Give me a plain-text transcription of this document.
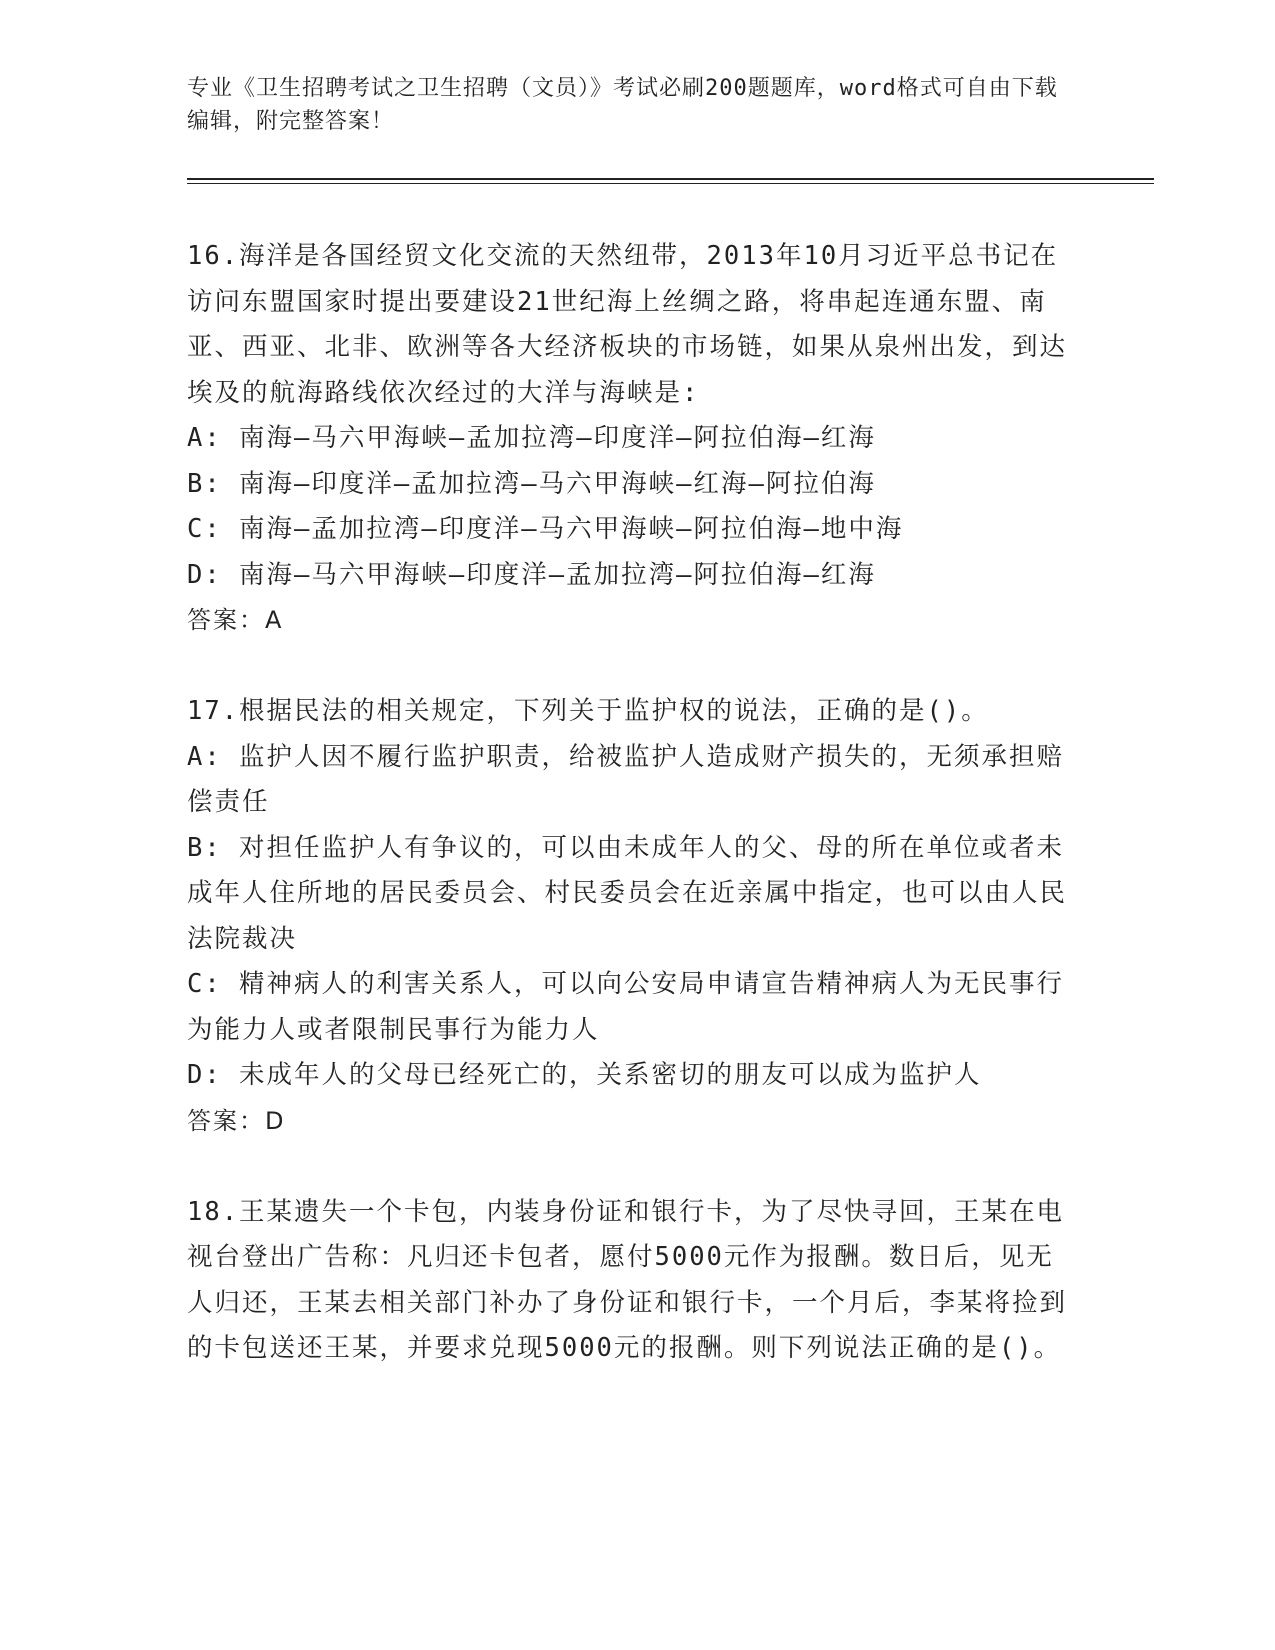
专业《卫生招聘考试之卫生招聘（文员）》考试必刷200题题库，word格式可自由下载编辑，附完整答案！

16.海洋是各国经贸文化交流的天然纽带，2013年10月习近平总书记在访问东盟国家时提出要建设21世纪海上丝绸之路，将串起连通东盟、南亚、西亚、北非、欧洲等各大经济板块的市场链，如果从泉州出发，到达埃及的航海路线依次经过的大洋与海峡是:

A: 南海—马六甲海峡—孟加拉湾—印度洋—阿拉伯海—红海

B: 南海—印度洋—孟加拉湾—马六甲海峡—红海—阿拉伯海

C: 南海—孟加拉湾—印度洋—马六甲海峡—阿拉伯海—地中海

D: 南海—马六甲海峡—印度洋—孟加拉湾—阿拉伯海—红海

答案：A

17.根据民法的相关规定，下列关于监护权的说法，正确的是()。

A: 监护人因不履行监护职责，给被监护人造成财产损失的，无须承担赔偿责任

B: 对担任监护人有争议的，可以由未成年人的父、母的所在单位或者未成年人住所地的居民委员会、村民委员会在近亲属中指定，也可以由人民法院裁决

C: 精神病人的利害关系人，可以向公安局申请宣告精神病人为无民事行为能力人或者限制民事行为能力人

D: 未成年人的父母已经死亡的，关系密切的朋友可以成为监护人

答案：D

18.王某遗失一个卡包，内装身份证和银行卡，为了尽快寻回，王某在电视台登出广告称：凡归还卡包者，愿付5000元作为报酬。数日后，见无人归还，王某去相关部门补办了身份证和银行卡，一个月后，李某将捡到的卡包送还王某，并要求兑现5000元的报酬。则下列说法正确的是()。
